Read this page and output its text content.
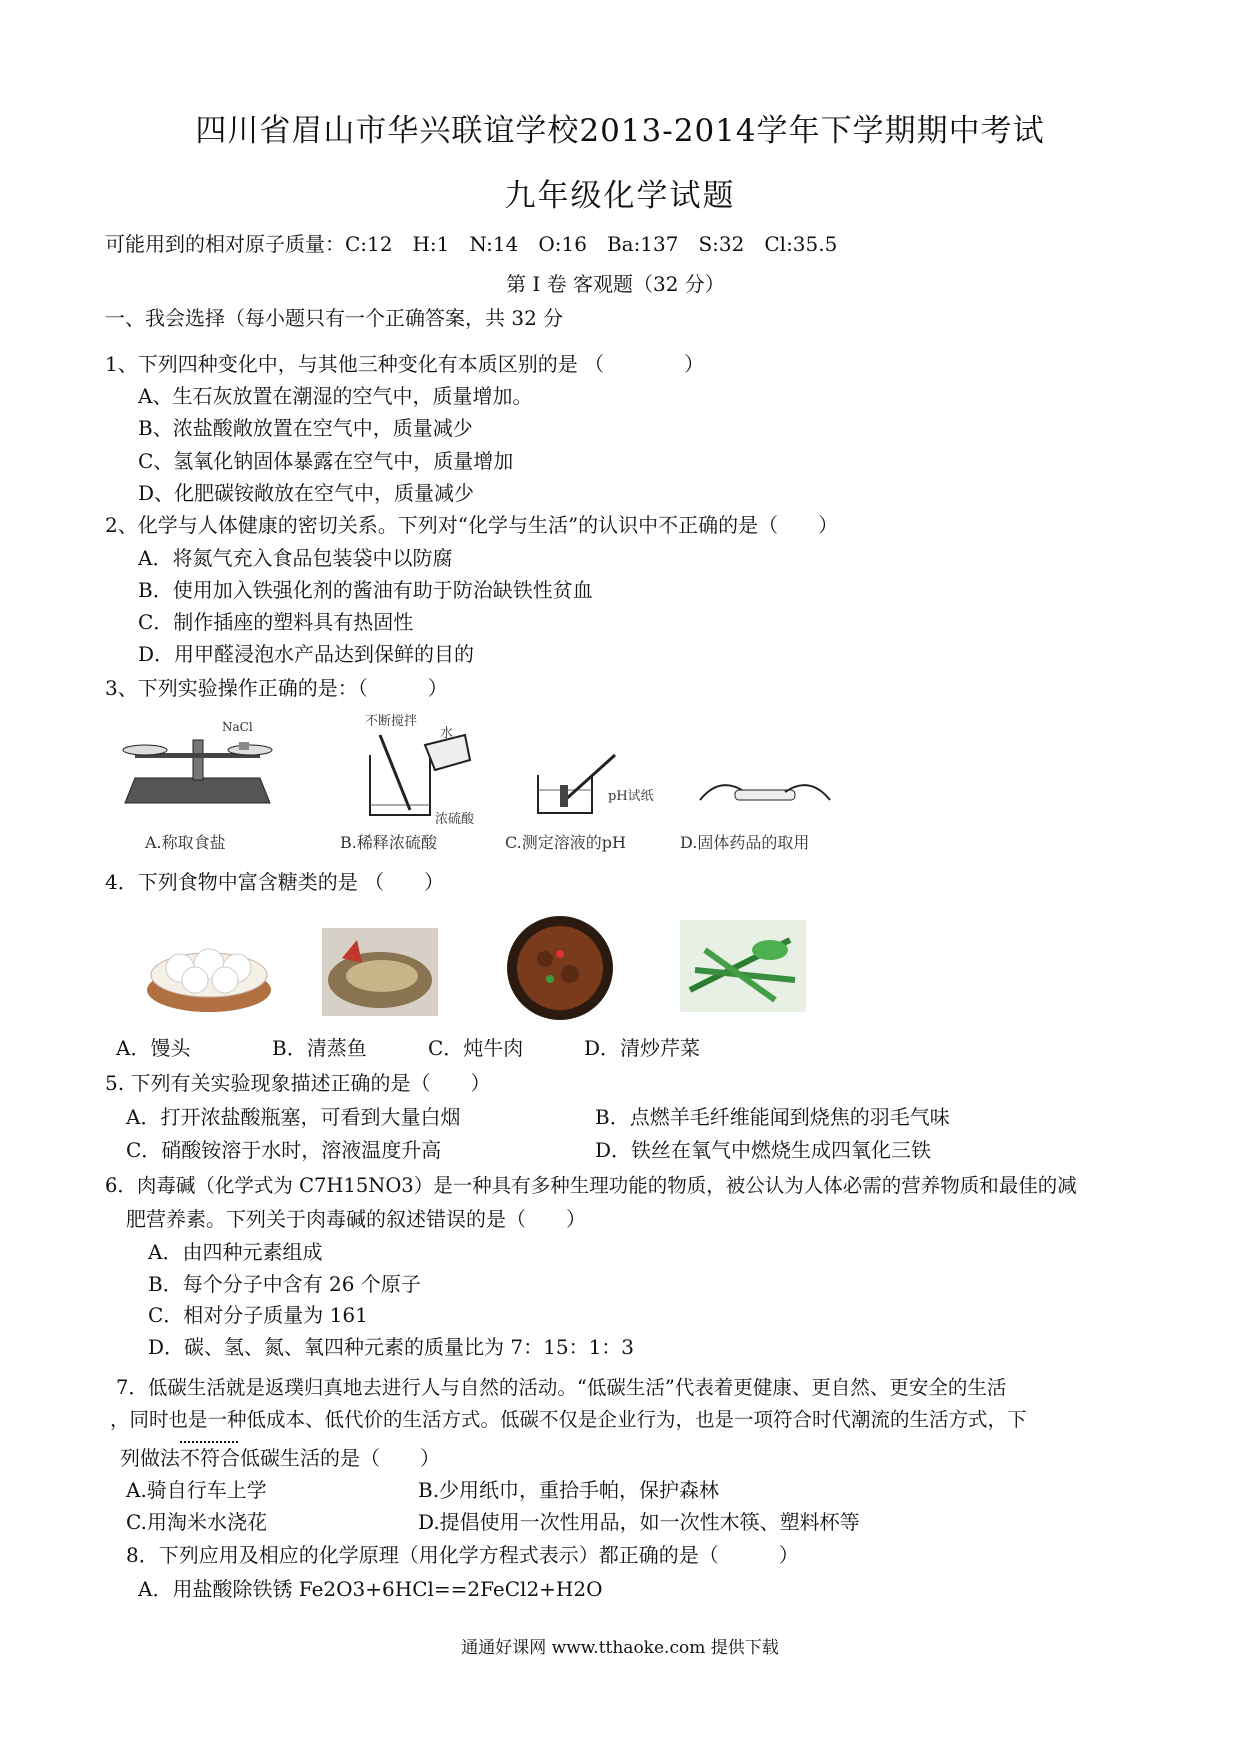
四川省眉山市华兴联谊学校2013-2014学年下学期期中考试
九年级化学试题
可能用到的相对原子质量：C:12　H:1　N:14　O:16　Ba:137　S:32　Cl:35.5
第 I 卷 客观题（32 分）
一、我会选择（每小题只有一个正确答案，共 32 分
1、下列四种变化中，与其他三种变化有本质区别的是 （　　　　）
A、生石灰放置在潮湿的空气中，质量增加。
B、浓盐酸敞放置在空气中，质量减少
C、氢氧化钠固体暴露在空气中，质量增加
D、化肥碳铵敞放在空气中，质量减少
2、化学与人体健康的密切关系。下列对“化学与生活”的认识中不正确的是（　　）
A．将氮气充入食品包装袋中以防腐
B．使用加入铁强化剂的酱油有助于防治缺铁性贫血
C．制作插座的塑料具有热固性
D．用甲醛浸泡水产品达到保鲜的目的
3、下列实验操作正确的是：（　　　）
NaCl
A.称取食盐
不断搅拌
水
浓硫酸
B.稀释浓硫酸
pH试纸
C.测定溶液的pH	D.固体药品的取用
4．下列食物中富含糖类的是 （　　）
A．馒头	B．清蒸鱼	C．炖牛肉	D．清炒芹菜
5. 下列有关实验现象描述正确的是（　　）
A．打开浓盐酸瓶塞，可看到大量白烟	B．点燃羊毛纤维能闻到烧焦的羽毛气味
C．硝酸铵溶于水时，溶液温度升高	D．铁丝在氧气中燃烧生成四氧化三铁
6．肉毒碱（化学式为 C7H15NO3）是一种具有多种生理功能的物质，被公认为人体必需的营养物质和最佳的减
肥营养素。下列关于肉毒碱的叙述错误的是（　　）
A．由四种元素组成
B．每个分子中含有 26 个原子
C．相对分子质量为 161
D．碳、氢、氮、氧四种元素的质量比为 7：15：1：3
7．低碳生活就是返璞归真地去进行人与自然的活动。“低碳生活”代表着更健康、更自然、更安全的生活
，同时也是一种低成本、低代价的生活方式。低碳不仅是企业行为，也是一项符合时代潮流的生活方式，下
列做法不符合低碳生活的是（　　）
A.骑自行车上学	B.少用纸巾，重拾手帕，保护森林
C.用淘米水浇花	D.提倡使用一次性用品，如一次性木筷、塑料杯等
8．下列应用及相应的化学原理（用化学方程式表示）都正确的是（　　　）
A．用盐酸除铁锈 Fe2O3+6HCl==2FeCl2+H2O
通通好课网 www.tthaoke.com 提供下载
